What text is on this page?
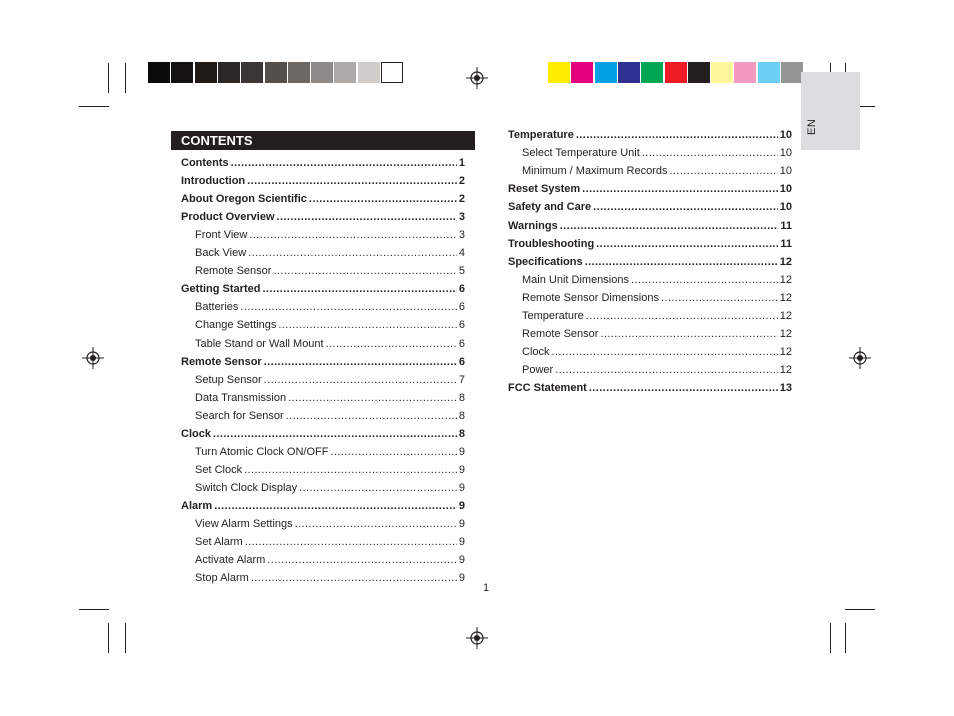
EN
CONTENTS
Contents .....	1
Introduction .....	2
About Oregon Scientific .....	2
Product Overview .....	3
Front View .....	3
Back View .....	4
Remote Sensor .....	5
Getting Started .....	6
Batteries .....	6
Change Settings .....	6
Table Stand or Wall Mount .....	6
Remote Sensor .....	6
Setup Sensor .....	7
Data Transmission .....	8
Search for Sensor .....	8
Clock .....	8
Turn Atomic Clock ON/OFF .....	9
Set Clock .....	9
Switch Clock Display .....	9
Alarm .....	9
View Alarm Settings .....	9
Set Alarm .....	9
Activate Alarm .....	9
Stop Alarm .....	9
Temperature .....	10
Select Temperature Unit .....	10
Minimum / Maximum Records .....	10
Reset System .....	10
Safety and Care .....	10
Warnings .....	11
Troubleshooting .....	11
Specifications .....	12
Main Unit Dimensions .....	12
Remote Sensor Dimensions .....	12
Temperature .....	12
Remote Sensor .....	12
Clock .....	12
Power .....	12
FCC Statement .....	13
1
